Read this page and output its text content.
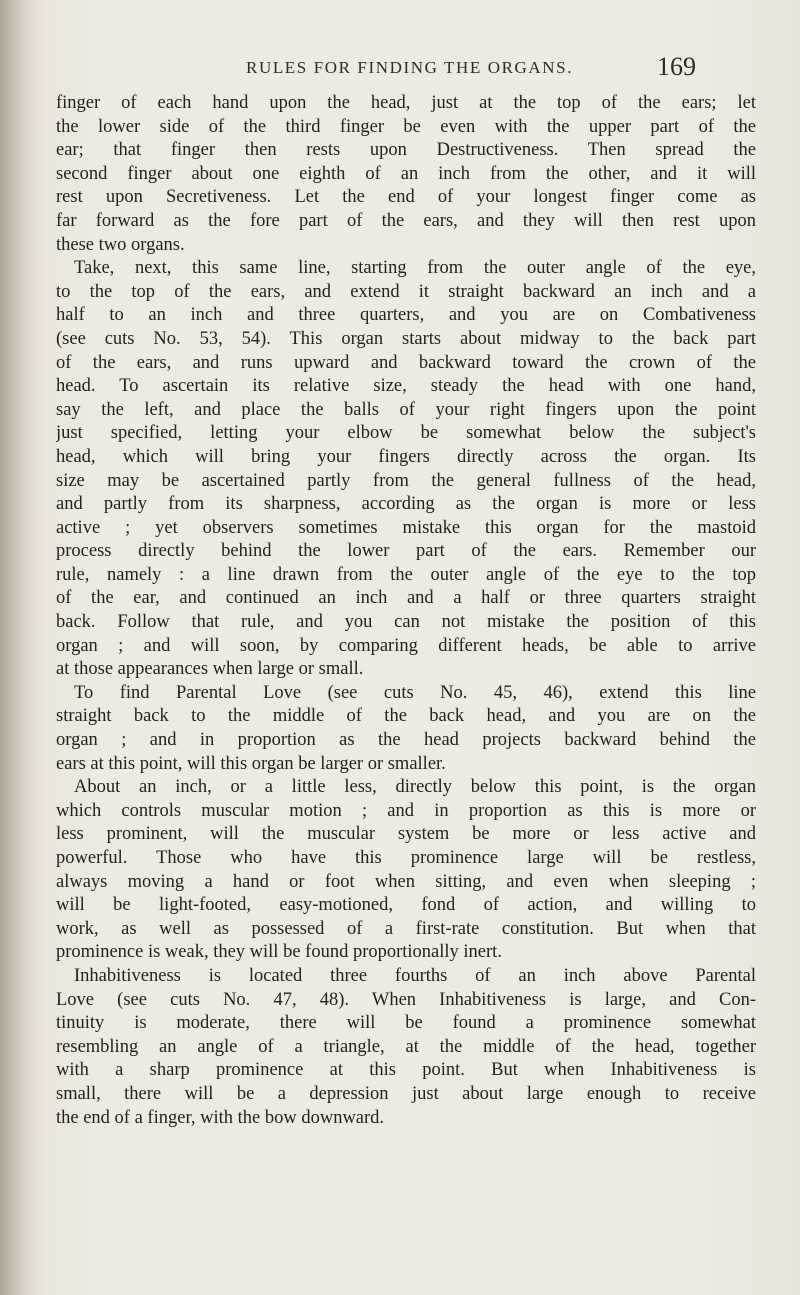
RULES FOR FINDING THE ORGANS.	169
finger of each hand upon the head, just at the top of the ears; let
the lower side of the third finger be even with the upper part of the
ear; that finger then rests upon Destructiveness. Then spread the
second finger about one eighth of an inch from the other, and it will
rest upon Secretiveness. Let the end of your longest finger come as
far forward as the fore part of the ears, and they will then rest upon
these two organs.
Take, next, this same line, starting from the outer angle of the eye,
to the top of the ears, and extend it straight backward an inch and a
half to an inch and three quarters, and you are on Combativeness
(see cuts No. 53, 54). This organ starts about midway to the back part
of the ears, and runs upward and backward toward the crown of the
head. To ascertain its relative size, steady the head with one hand,
say the left, and place the balls of your right fingers upon the point
just specified, letting your elbow be somewhat below the subject's
head, which will bring your fingers directly across the organ. Its
size may be ascertained partly from the general fullness of the head,
and partly from its sharpness, according as the organ is more or less
active ; yet observers sometimes mistake this organ for the mastoid
process directly behind the lower part of the ears. Remember our
rule, namely : a line drawn from the outer angle of the eye to the top
of the ear, and continued an inch and a half or three quarters straight
back. Follow that rule, and you can not mistake the position of this
organ ; and will soon, by comparing different heads, be able to arrive
at those appearances when large or small.
To find Parental Love (see cuts No. 45, 46), extend this line
straight back to the middle of the back head, and you are on the
organ ; and in proportion as the head projects backward behind the
ears at this point, will this organ be larger or smaller.
About an inch, or a little less, directly below this point, is the organ
which controls muscular motion ; and in proportion as this is more or
less prominent, will the muscular system be more or less active and
powerful. Those who have this prominence large will be restless,
always moving a hand or foot when sitting, and even when sleeping ;
will be light-footed, easy-motioned, fond of action, and willing to
work, as well as possessed of a first-rate constitution. But when that
prominence is weak, they will be found proportionally inert.
Inhabitiveness is located three fourths of an inch above Parental
Love (see cuts No. 47, 48). When Inhabitiveness is large, and Con-
tinuity is moderate, there will be found a prominence somewhat
resembling an angle of a triangle, at the middle of the head, together
with a sharp prominence at this point. But when Inhabitiveness is
small, there will be a depression just about large enough to receive
the end of a finger, with the bow downward.
